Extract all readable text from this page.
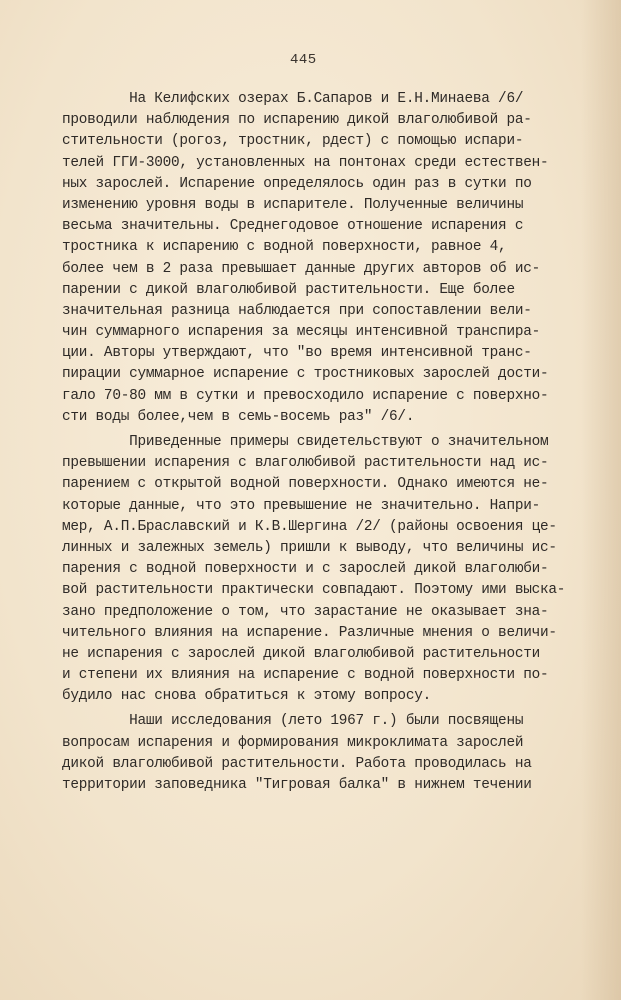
445
На Келифских озерах Б.Сапаров и Е.Н.Минаева /6/
проводили наблюдения по испарению дикой влаголюбивой ра-
стительности (рогоз, тростник, рдест) с помощью испари-
телей ГГИ-3000, установленных на понтонах среди естествен-
ных зарослей. Испарение определялось один раз в сутки по
изменению уровня воды в испарителе. Полученные величины
весьма значительны. Среднегодовое отношение испарения с
тростника к испарению с водной поверхности, равное 4,
более чем в 2 раза превышает данные других авторов об ис-
парении с дикой влаголюбивой растительности. Еще более
значительная разница наблюдается при сопоставлении вели-
чин суммарного испарения за месяцы интенсивной транспира-
ции. Авторы утверждают, что "во время интенсивной транс-
пирации суммарное испарение с тростниковых зарослей дости-
гало 70-80 мм в сутки и превосходило испарение с поверхно-
сти воды более,чем в семь-восемь раз" /6/.
Приведенные примеры свидетельствуют о значительном
превышении испарения с влаголюбивой растительности над ис-
парением с открытой водной поверхности. Однако имеются не-
которые данные, что это превышение не значительно. Напри-
мер, А.П.Браславский и К.В.Шергина /2/ (районы освоения це-
линных и залежных земель) пришли к выводу, что величины ис-
парения с водной поверхности и с зарослей дикой влаголюби-
вой растительности практически совпадают. Поэтому ими выска-
зано предположение о том, что зарастание не оказывает зна-
чительного влияния на испарение. Различные мнения о величи-
не испарения с зарослей дикой влаголюбивой растительности
и степени их влияния на испарение с водной поверхности по-
будило нас снова обратиться к этому вопросу.
Наши исследования (лето 1967 г.) были посвящены
вопросам испарения и формирования микроклимата зарослей
дикой влаголюбивой растительности. Работа проводилась на
территории заповедника "Тигровая балка" в нижнем течении
